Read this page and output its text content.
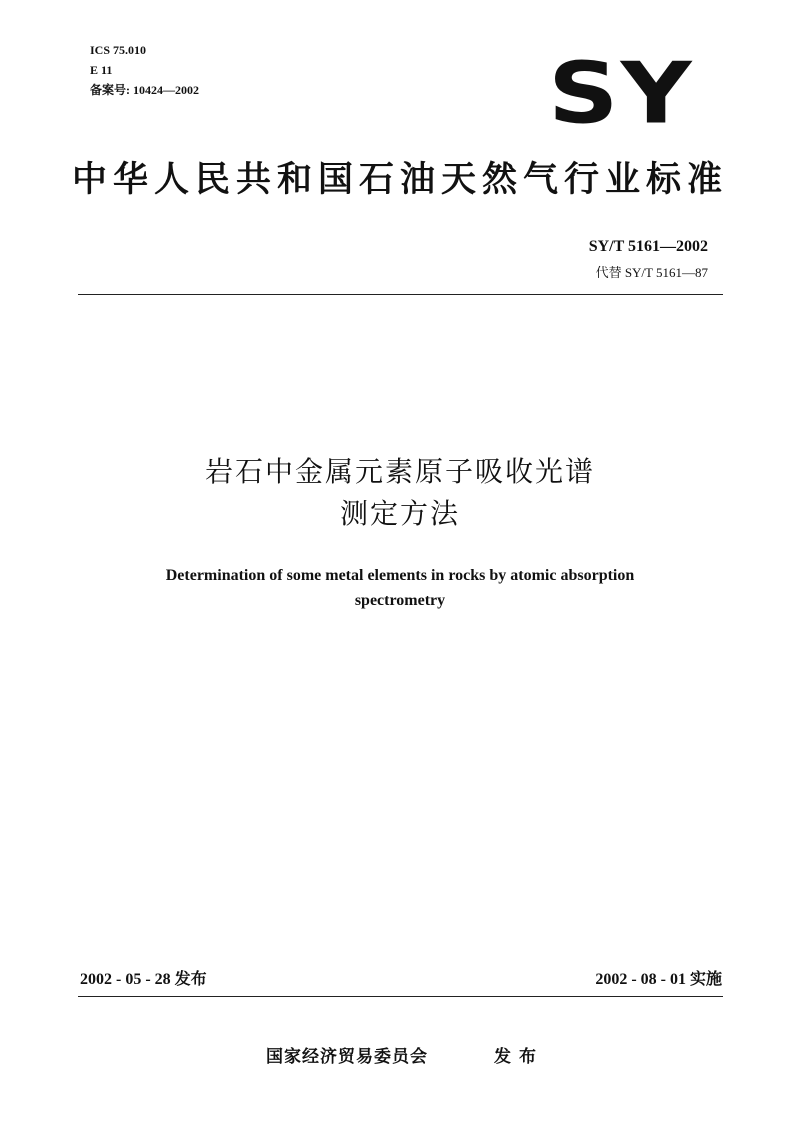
ICS 75.010
E 11
备案号: 10424—2002	SY
中华人民共和国石油天然气行业标准
SY/T 5161—2002
代替 SY/T 5161—87
岩石中金属元素原子吸收光谱
测定方法
Determination of some metal elements in rocks by atomic absorption
spectrometry
2002 - 05 - 28 发布	2002 - 08 - 01 实施
国家经济贸易委员会	发布
